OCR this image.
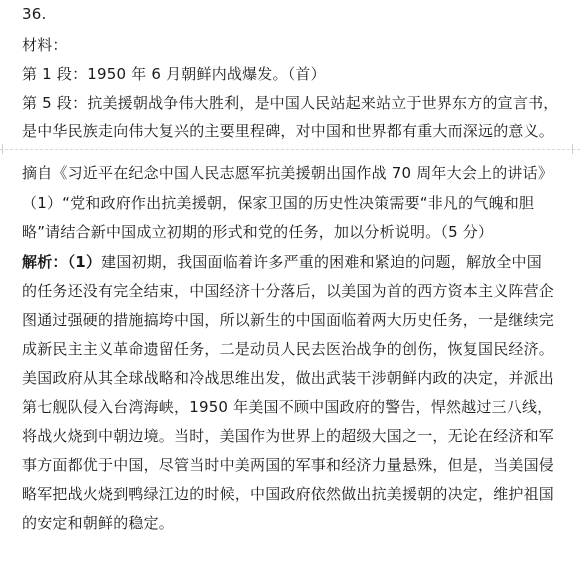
36.
材料：
第 1 段：1950 年 6 月朝鲜内战爆发。（首）
第 5 段：抗美援朝战争伟大胜利，是中国人民站起来站立于世界东方的宣言书，
是中华民族走向伟大复兴的主要里程碑，对中国和世界都有重大而深远的意义。
摘自《习近平在纪念中国人民志愿军抗美援朝出国作战 70 周年大会上的讲话》
（1）“党和政府作出抗美援朝，保家卫国的历史性决策需要“非凡的气魄和胆
略”请结合新中国成立初期的形式和党的任务，加以分析说明。（5 分）
解析：（1）建国初期，我国面临着许多严重的困难和紧迫的问题，解放全中国
的任务还没有完全结束，中国经济十分落后，以美国为首的西方资本主义阵营企
图通过强硬的措施搞垮中国，所以新生的中国面临着两大历史任务，一是继续完
成新民主主义革命遗留任务，二是动员人民去医治战争的创伤，恢复国民经济。
美国政府从其全球战略和冷战思维出发，做出武装干涉朝鲜内政的决定，并派出
第七舰队侵入台湾海峡，1950 年美国不顾中国政府的警告，悍然越过三八线，
将战火烧到中朝边境。当时，美国作为世界上的超级大国之一，无论在经济和军
事方面都优于中国，尽管当时中美两国的军事和经济力量悬殊，但是，当美国侵
略军把战火烧到鸭绿江边的时候，中国政府依然做出抗美援朝的决定，维护祖国
的安定和朝鲜的稳定。
